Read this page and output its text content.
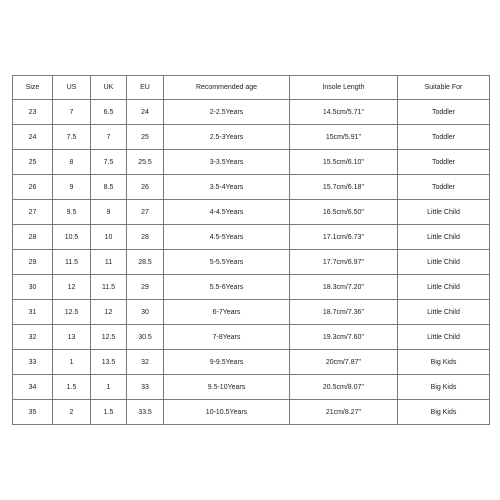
Size	US	UK	EU	Recommended age	Insole Length	Suitable For
23	7	6.5	24	2-2.5Years	14.5cm/5.71''	Toddler
24	7.5	7	25	2.5-3Years	15cm/5.91''	Toddler
25	8	7.5	25.5	3-3.5Years	15.5cm/6.10''	Toddler
26	9	8.5	26	3.5-4Years	15.7cm/6.18''	Toddler
27	9.5	9	27	4-4.5Years	16.5cm/6.50''	Little Child
28	10.5	10	28	4.5-5Years	17.1cm/6.73''	Little Child
29	11.5	11	28.5	5-5.5Years	17.7cm/6.97''	Little Child
30	12	11.5	29	5.5-6Years	18.3cm/7.20''	Little Child
31	12.5	12	30	6-7Years	18.7cm/7.36''	Little Child
32	13	12.5	30.5	7-8Years	19.3cm/7.60''	Little Child
33	1	13.5	32	9-9.5Years	20cm/7.87''	Big Kids
34	1.5	1	33	9.5-10Years	20.5cm/8.07''	Big Kids
35	2	1.5	33.5	10-10.5Years	21cm/8.27''	Big Kids
